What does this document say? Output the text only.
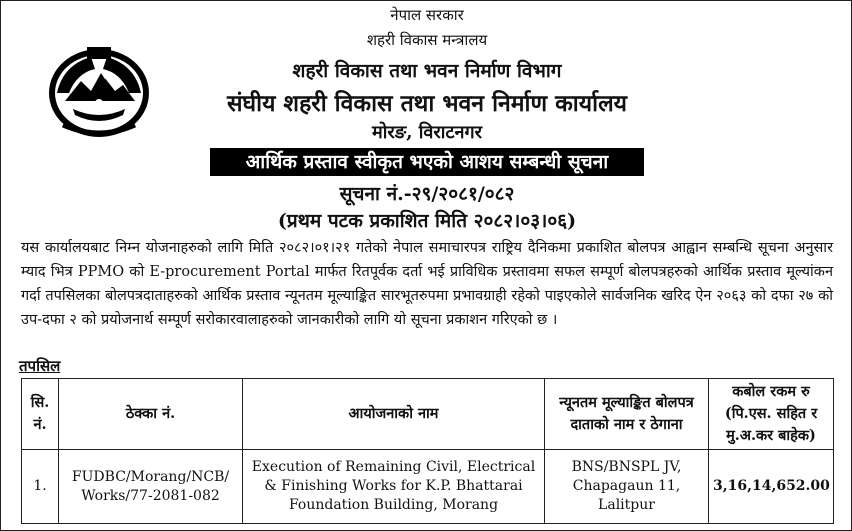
नेपाल सरकार
शहरी विकास मन्त्रालय
शहरी विकास तथा भवन निर्माण विभाग
संघीय शहरी विकास तथा भवन निर्माण कार्यालय
मोरङ, विराटनगर
आर्थिक प्रस्ताव स्वीकृत भएको आशय सम्बन्धी सूचना
सूचना नं.-२९/२०८१/०८२
(प्रथम पटक प्रकाशित मिति २०८२।०३।०६)
यस कार्यालयबाट निम्न योजनाहरुको लागि मिति २०८२।०१।२१ गतेको नेपाल समाचारपत्र राष्ट्रिय दैनिकमा प्रकाशित बोलपत्र आह्वान सम्बन्धि सूचना अनुसार म्याद भित्र PPMO को E-procurement Portal मार्फत रितपूर्वक दर्ता भई प्राविधिक प्रस्तावमा सफल सम्पूर्ण बोलपत्रहरुको आर्थिक प्रस्ताव मूल्यांकन गर्दा तपसिलका बोलपत्रदाताहरुको आर्थिक प्रस्ताव न्यूनतम मूल्याङ्कित सारभूतरुपमा प्रभावग्राही रहेको पाइएकोले सार्वजनिक खरिद ऐन २०६३ को दफा २७ को उप-दफा २ को प्रयोजनार्थ सम्पूर्ण सरोकारवालाहरुको जानकारीको लागि यो सूचना प्रकाशन गरिएको छ ।
तपसिल
सि. नं.	ठेक्का नं.	आयोजनाको नाम	न्यूनतम मूल्याङ्कित बोलपत्र दाताको नाम र ठेगाना	कबोल रकम रु (पि.एस. सहित र मु.अ.कर बाहेक)
1.	FUDBC/Morang/NCB/ Works/77-2081-082	Execution of Remaining Civil, Electrical & Finishing Works for K.P. Bhattarai Foundation Building, Morang	BNS/BNSPL JV, Chapagaun 11, Lalitpur	3,16,14,652.00
